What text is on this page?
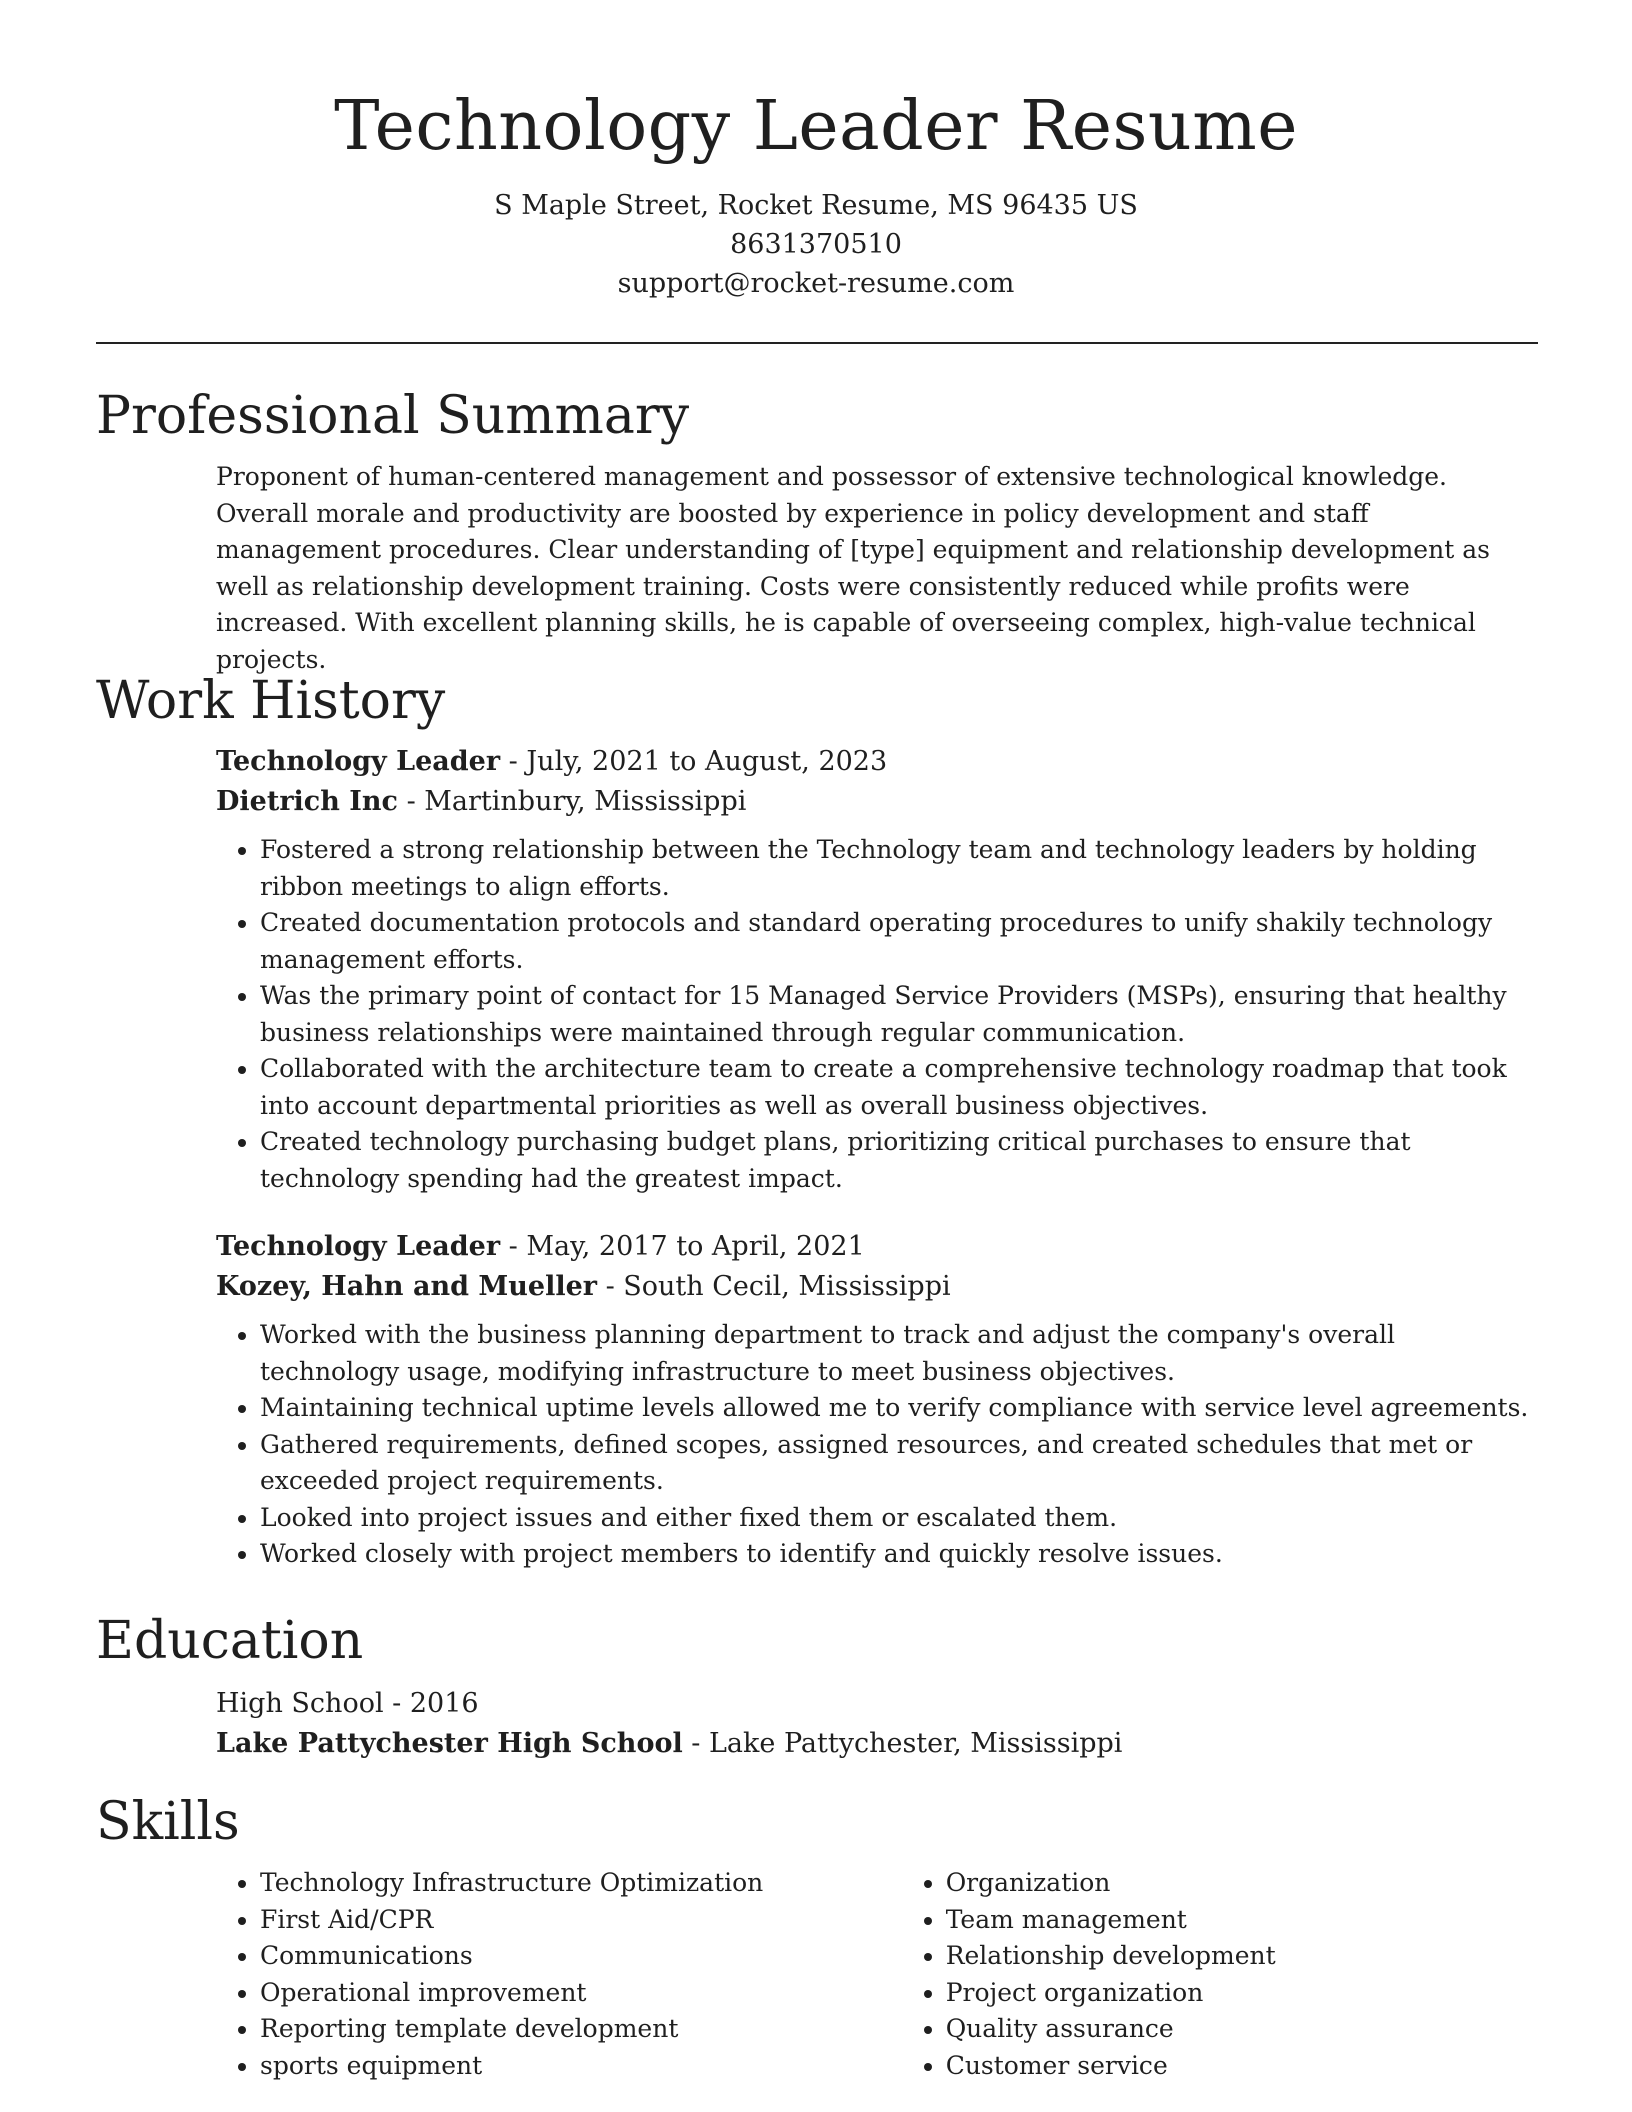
Technology Leader Resume
S Maple Street, Rocket Resume, MS 96435 US
8631370510
support@rocket-resume.com
Professional Summary
Proponent of human-centered management and possessor of extensive technological knowledge. Overall morale and productivity are boosted by experience in policy development and staff management procedures. Clear understanding of [type] equipment and relationship development as well as relationship development training. Costs were consistently reduced while profits were increased. With excellent planning skills, he is capable of overseeing complex, high-value technical projects.
Work History
Technology Leader - July, 2021 to August, 2023
Dietrich Inc - Martinbury, Mississippi
• Fostered a strong relationship between the Technology team and technology leaders by holding ribbon meetings to align efforts.
• Created documentation protocols and standard operating procedures to unify shakily technology management efforts.
• Was the primary point of contact for 15 Managed Service Providers (MSPs), ensuring that healthy business relationships were maintained through regular communication.
• Collaborated with the architecture team to create a comprehensive technology roadmap that took into account departmental priorities as well as overall business objectives.
• Created technology purchasing budget plans, prioritizing critical purchases to ensure that technology spending had the greatest impact.
Technology Leader - May, 2017 to April, 2021
Kozey, Hahn and Mueller - South Cecil, Mississippi
• Worked with the business planning department to track and adjust the company's overall technology usage, modifying infrastructure to meet business objectives.
• Maintaining technical uptime levels allowed me to verify compliance with service level agreements.
• Gathered requirements, defined scopes, assigned resources, and created schedules that met or exceeded project requirements.
• Looked into project issues and either fixed them or escalated them.
• Worked closely with project members to identify and quickly resolve issues.
Education
High School - 2016
Lake Pattychester High School - Lake Pattychester, Mississippi
Skills
• Technology Infrastructure Optimization
• First Aid/CPR
• Communications
• Operational improvement
• Reporting template development
• sports equipment
• Organization
• Team management
• Relationship development
• Project organization
• Quality assurance
• Customer service
